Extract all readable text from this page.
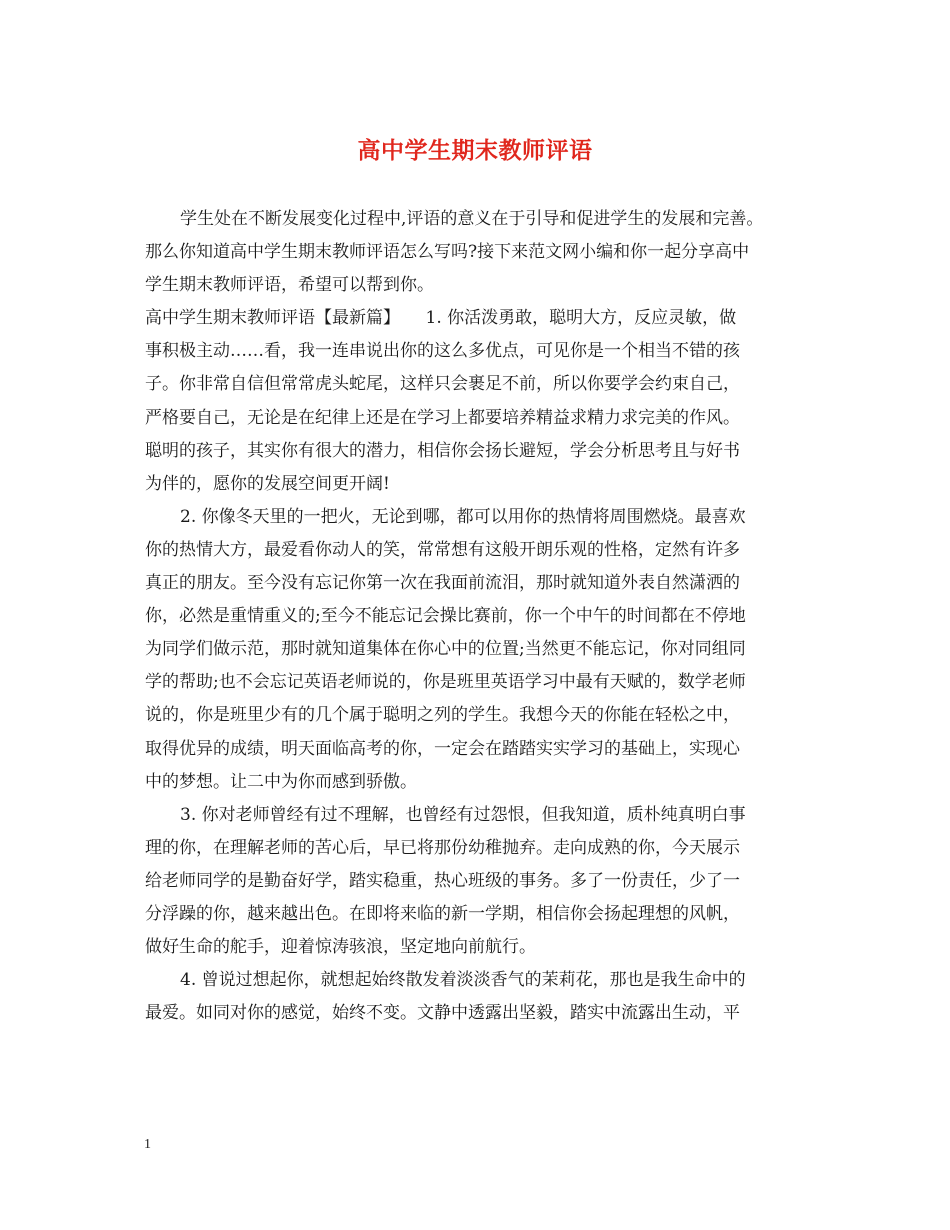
高中学生期末教师评语
学生处在不断发展变化过程中,评语的意义在于引导和促进学生的发展和完善。
那么你知道高中学生期末教师评语怎么写吗?接下来范文网小编和你一起分享高中
学生期末教师评语，希望可以帮到你。
高中学生期末教师评语【最新篇】　　1. 你活泼勇敢，聪明大方，反应灵敏，做
事积极主动……看，我一连串说出你的这么多优点，可见你是一个相当不错的孩
子。你非常自信但常常虎头蛇尾，这样只会裹足不前，所以你要学会约束自己，
严格要自己，无论是在纪律上还是在学习上都要培养精益求精力求完美的作风。
聪明的孩子，其实你有很大的潜力，相信你会扬长避短，学会分析思考且与好书
为伴的，愿你的发展空间更开阔!
2. 你像冬天里的一把火，无论到哪，都可以用你的热情将周围燃烧。最喜欢
你的热情大方，最爱看你动人的笑，常常想有这般开朗乐观的性格，定然有许多
真正的朋友。至今没有忘记你第一次在我面前流泪，那时就知道外表自然潇洒的
你，必然是重情重义的;至今不能忘记会操比赛前，你一个中午的时间都在不停地
为同学们做示范，那时就知道集体在你心中的位置;当然更不能忘记，你对同组同
学的帮助;也不会忘记英语老师说的，你是班里英语学习中最有天赋的，数学老师
说的，你是班里少有的几个属于聪明之列的学生。我想今天的你能在轻松之中，
取得优异的成绩，明天面临高考的你，一定会在踏踏实实学习的基础上，实现心
中的梦想。让二中为你而感到骄傲。
3. 你对老师曾经有过不理解，也曾经有过怨恨，但我知道，质朴纯真明白事
理的你，在理解老师的苦心后，早已将那份幼稚抛弃。走向成熟的你，今天展示
给老师同学的是勤奋好学，踏实稳重，热心班级的事务。多了一份责任，少了一
分浮躁的你，越来越出色。在即将来临的新一学期，相信你会扬起理想的风帆，
做好生命的舵手，迎着惊涛骇浪，坚定地向前航行。
4. 曾说过想起你，就想起始终散发着淡淡香气的茉莉花，那也是我生命中的
最爱。如同对你的感觉，始终不变。文静中透露出坚毅，踏实中流露出生动，平
1
